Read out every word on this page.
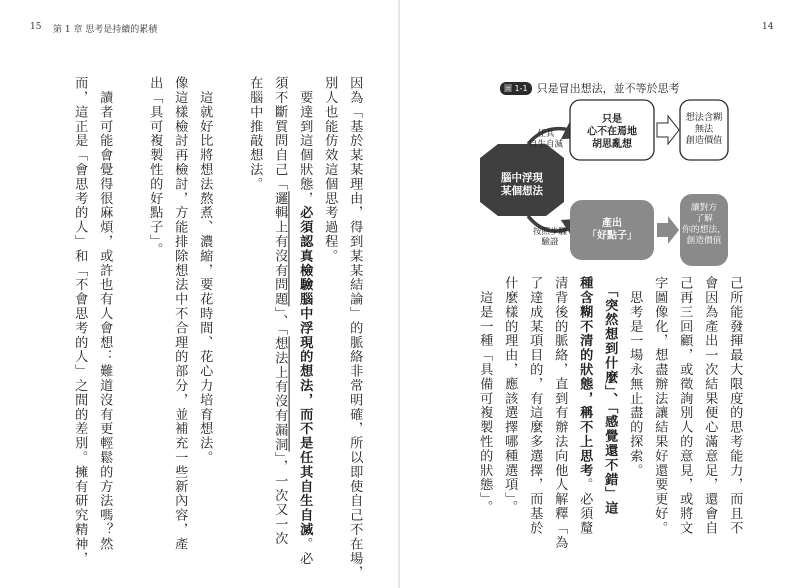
15 第 1 章 思考是持續的累積	14
圖 1-1 只是冒出想法，並不等於思考
腦中浮現某個想法
任其自生自滅
按照步驟驗證
只是心不在焉地胡思亂想
想法含糊無法創造價值
產出「好點子」
讓對方了解你的想法，創造價值
己所能發揮最大限度的思考能力，而且不
會因為產出一次結果便心滿意足，還會自
己再三回顧，或徵詢別人的意見，或將文
字圖像化，想盡辦法讓結果好還要更好。
　思考是一場永無止盡的探索。
　「突然想到什麼」、「感覺還不錯」這
種含糊不清的狀態，稱不上思考。必須釐
清背後的脈絡，直到有辦法向他人解釋「為
了達成某項目的，有這麼多選擇，而基於
什麼樣的理由，應該選擇哪種選項」。
　這是一種「具備可複製性的狀態」。
因為「基於某某理由，得到某某結論」的脈絡非常明確，所以即使自己不在場，
別人也能仿效這個思考過程。
　要達到這個狀態，必須認真檢驗腦中浮現的想法，而不是任其自生自滅。必
須不斷質問自己「邏輯上有沒有問題」、「想法上有沒有漏洞」，一次又一次
在腦中推敲想法。
　這就好比將想法熬煮、濃縮，要花時間、花心力培育想法。
像這樣檢討再檢討，方能排除想法中不合理的部分，並補充一些新內容，產
出「具可複製性的好點子」。
　讀者可能會覺得很麻煩，或許也有人會想：難道沒有更輕鬆的方法嗎？然
而，這正是「會思考的人」和「不會思考的人」之間的差別。擁有研究精神，
